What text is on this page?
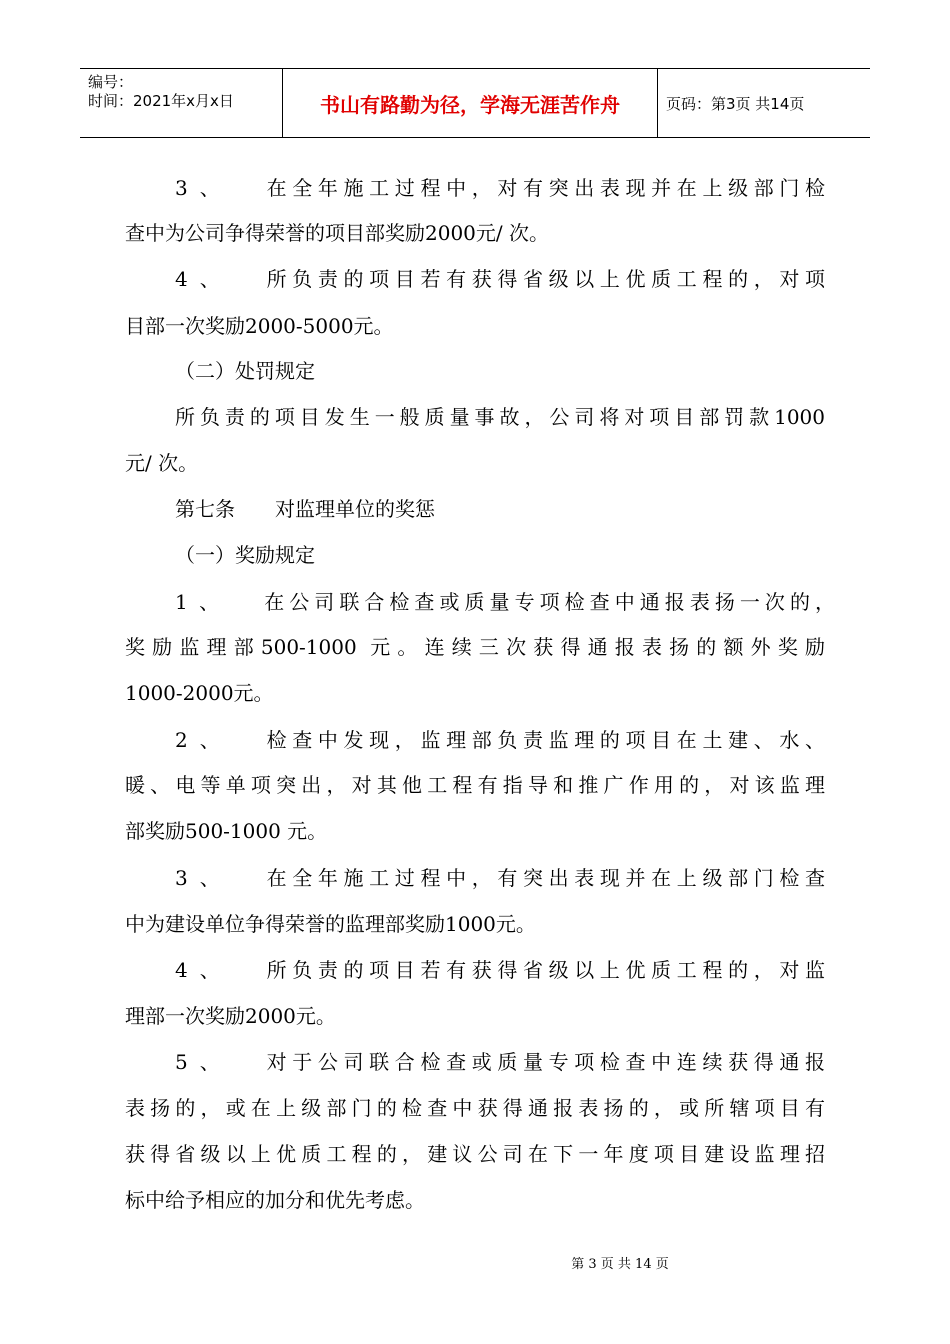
编号：
时间：2021年x月x日	书山有路勤为径，学海无涯苦作舟	页码：第3页 共14页
3 、　　在全年施工过程中，对有突出表现并在上级部门检
查中为公司争得荣誉的项目部奖励2000元/ 次。
4 、　　所负责的项目若有获得省级以上优质工程的，对项
目部一次奖励2000-5000元。
（二）处罚规定
所负责的项目发生一般质量事故，公司将对项目部罚款1000
元/ 次。
第七条　　对监理单位的奖惩
（一）奖励规定
1 、　　在公司联合检查或质量专项检查中通报表扬一次的，
奖励监理部500-1000 元。连续三次获得通报表扬的额外奖励
1000-2000元。
2 、　　检查中发现，监理部负责监理的项目在土建、水、
暖、电等单项突出，对其他工程有指导和推广作用的，对该监理
部奖励500-1000 元。
3 、　　在全年施工过程中，有突出表现并在上级部门检查
中为建设单位争得荣誉的监理部奖励1000元。
4 、　　所负责的项目若有获得省级以上优质工程的，对监
理部一次奖励2000元。
5 、　　对于公司联合检查或质量专项检查中连续获得通报
表扬的，或在上级部门的检查中获得通报表扬的，或所辖项目有
获得省级以上优质工程的，建议公司在下一年度项目建设监理招
标中给予相应的加分和优先考虑。
第 3 页 共 14 页
